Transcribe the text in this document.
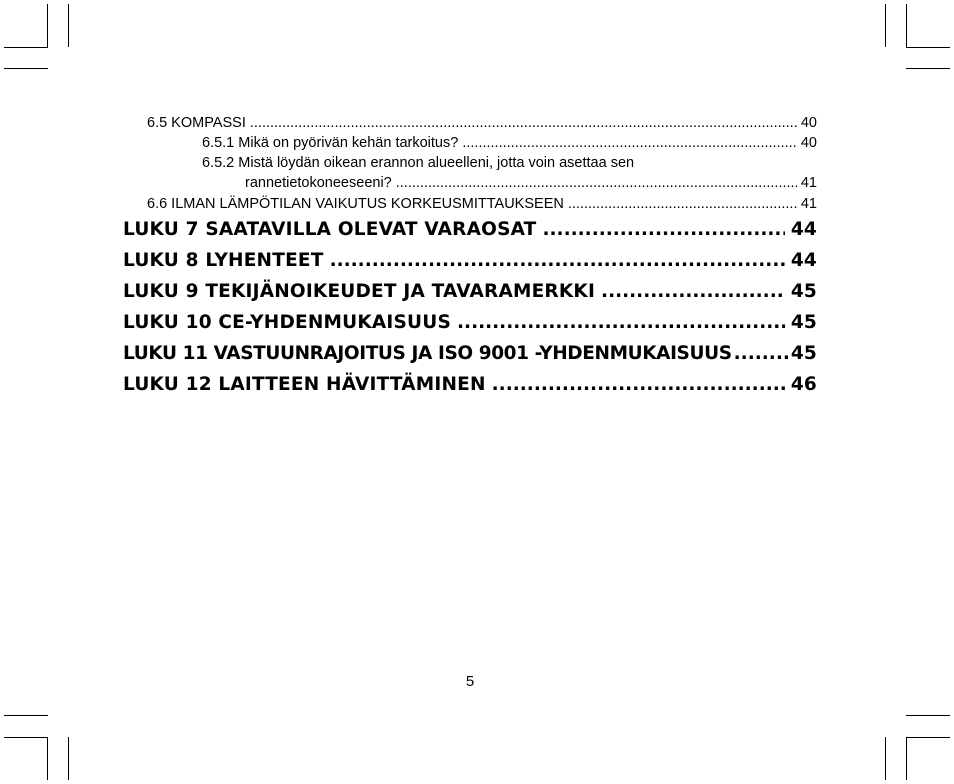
6.5 KOMPASSI .....	40
6.5.1 Mikä on pyörivän kehän tarkoitus? .....	40
6.5.2 Mistä löydän oikean erannon alueelleni, jotta voin asettaa sen
rannetietokoneeseeni? .....	41
6.6 ILMAN LÄMPÖTILAN VAIKUTUS KORKEUSMITTAUKSEEN .....	41
LUKU 7 SAATAVILLA OLEVAT VARAOSAT .....	44
LUKU 8 LYHENTEET .....	44
LUKU 9 TEKIJÄNOIKEUDET JA TAVARAMERKKI .....	45
LUKU 10 CE-YHDENMUKAISUUS .....	45
LUKU 11 VASTUUNRAJOITUS JA ISO 9001 -YHDENMUKAISUUS .....	45
LUKU 12 LAITTEEN HÄVITTÄMINEN .....	46
5
